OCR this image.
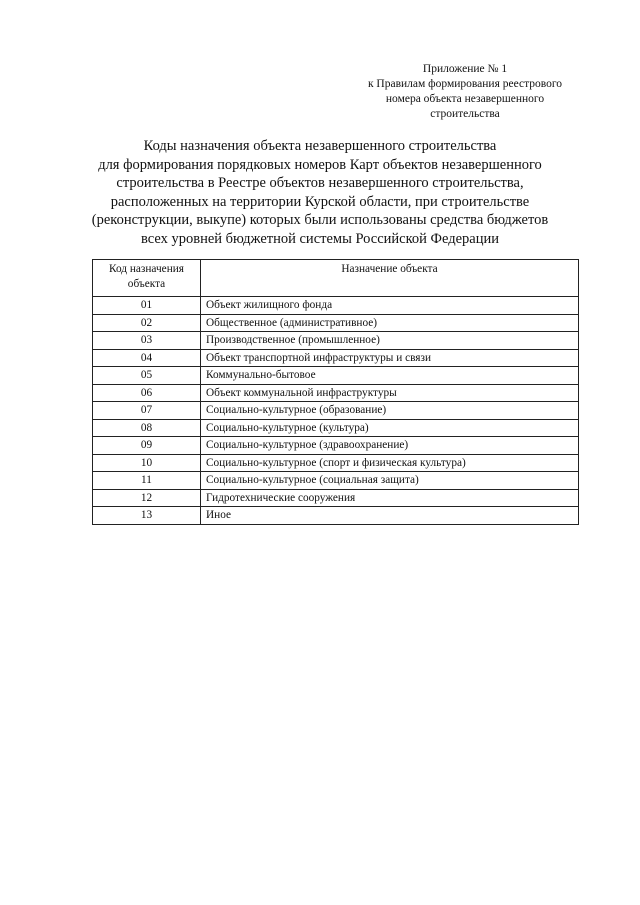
Приложение № 1
к Правилам формирования реестрового
номера объекта незавершенного
строительства
Коды назначения объекта незавершенного строительства
для формирования порядковых номеров Карт объектов незавершенного
строительства в Реестре объектов незавершенного строительства,
расположенных на территории Курской области, при строительстве
(реконструкции, выкупе) которых были использованы средства бюджетов
всех уровней бюджетной системы Российской Федерации
Код назначения
объекта	Назначение объекта
01	Объект жилищного фонда
02	Общественное (административное)
03	Производственное (промышленное)
04	Объект транспортной инфраструктуры и связи
05	Коммунально-бытовое
06	Объект коммунальной инфраструктуры
07	Социально-культурное (образование)
08	Социально-культурное (культура)
09	Социально-культурное (здравоохранение)
10	Социально-культурное (спорт и физическая культура)
11	Социально-культурное (социальная защита)
12	Гидротехнические сооружения
13	Иное
